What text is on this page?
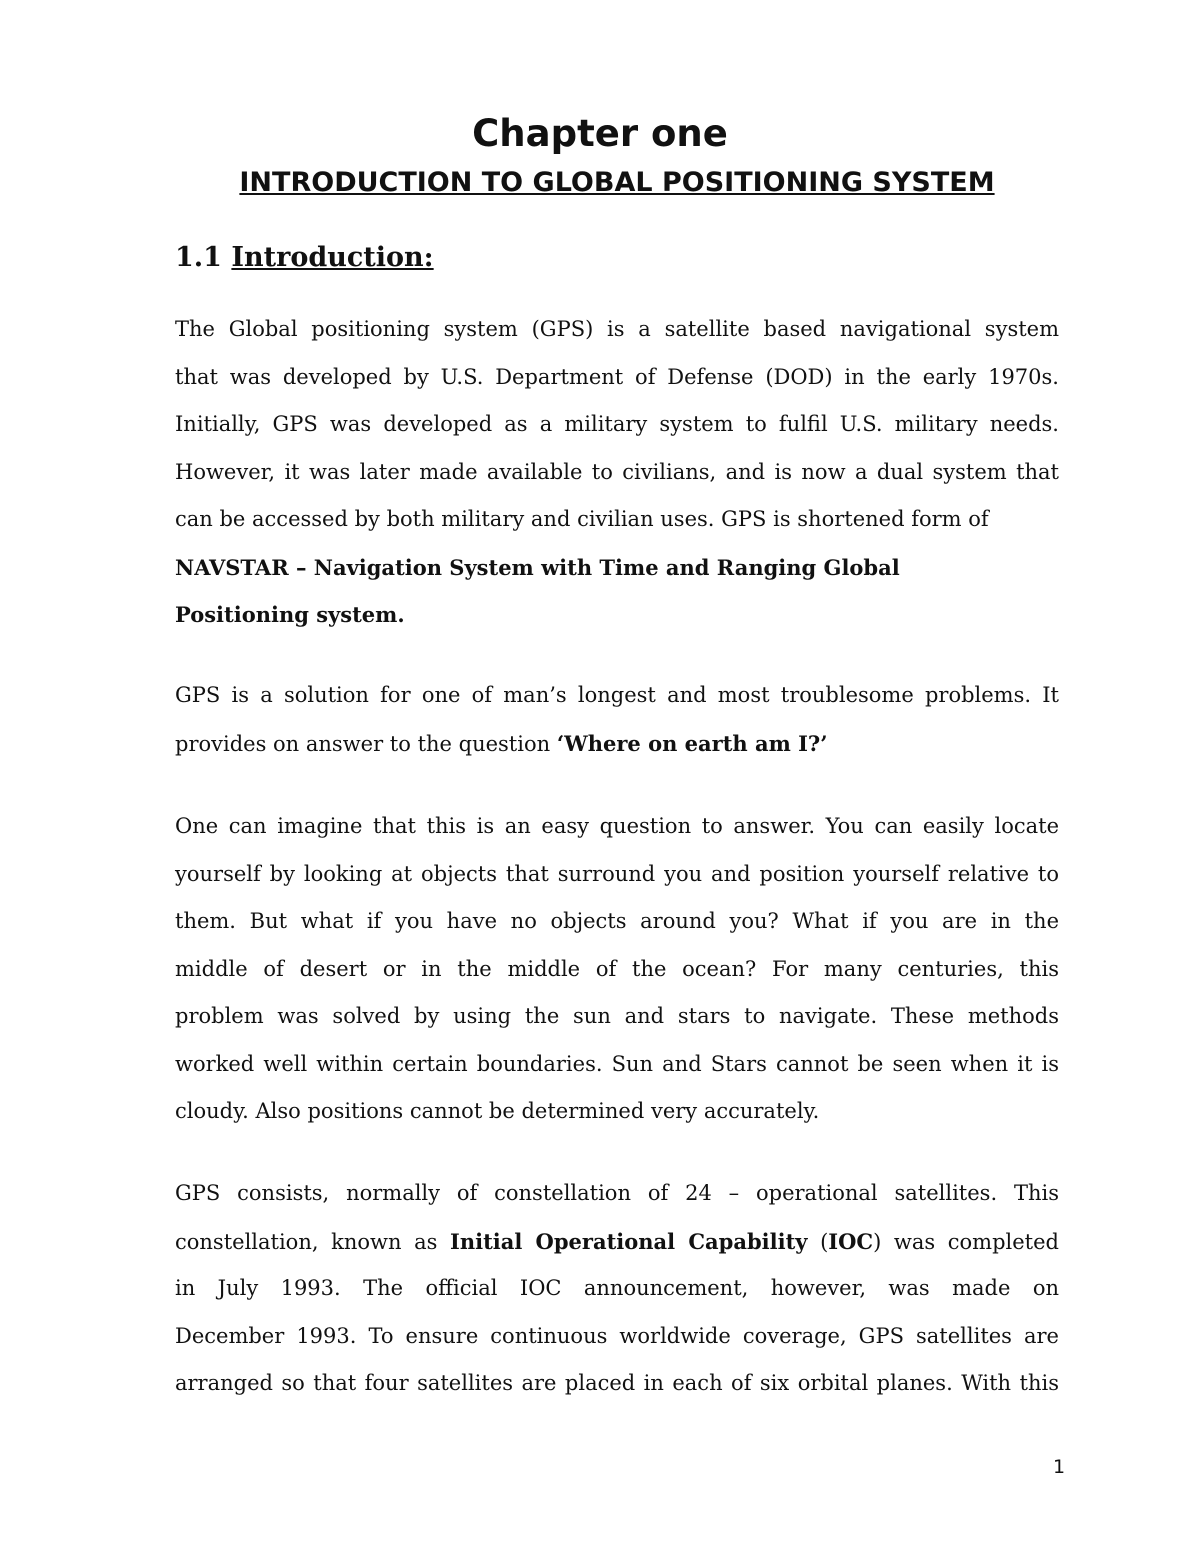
Chapter one
INTRODUCTION TO GLOBAL POSITIONING SYSTEM
1.1 Introduction:
The Global positioning system (GPS) is a satellite based navigational system
that was developed by U.S. Department of Defense (DOD) in the early 1970s.
Initially, GPS was developed as a military system to fulfil U.S. military needs.
However, it was later made available to civilians, and is now a dual system that
can be accessed by both military and civilian uses. GPS is shortened form of
NAVSTAR – Navigation System with Time and Ranging Global
Positioning system.
GPS is a solution for one of man’s longest and most troublesome problems. It
provides on answer to the question ‘Where on earth am I?’
One can imagine that this is an easy question to answer. You can easily locate
yourself by looking at objects that surround you and position yourself relative to
them. But what if you have no objects around you? What if you are in the
middle of desert or in the middle of the ocean? For many centuries, this
problem was solved by using the sun and stars to navigate. These methods
worked well within certain boundaries. Sun and Stars cannot be seen when it is
cloudy. Also positions cannot be determined very accurately.
GPS consists, normally of constellation of 24 – operational satellites. This
constellation, known as Initial Operational Capability (IOC) was completed
in July 1993. The official IOC announcement, however, was made on
December 1993. To ensure continuous worldwide coverage, GPS satellites are
arranged so that four satellites are placed in each of six orbital planes. With this
1
